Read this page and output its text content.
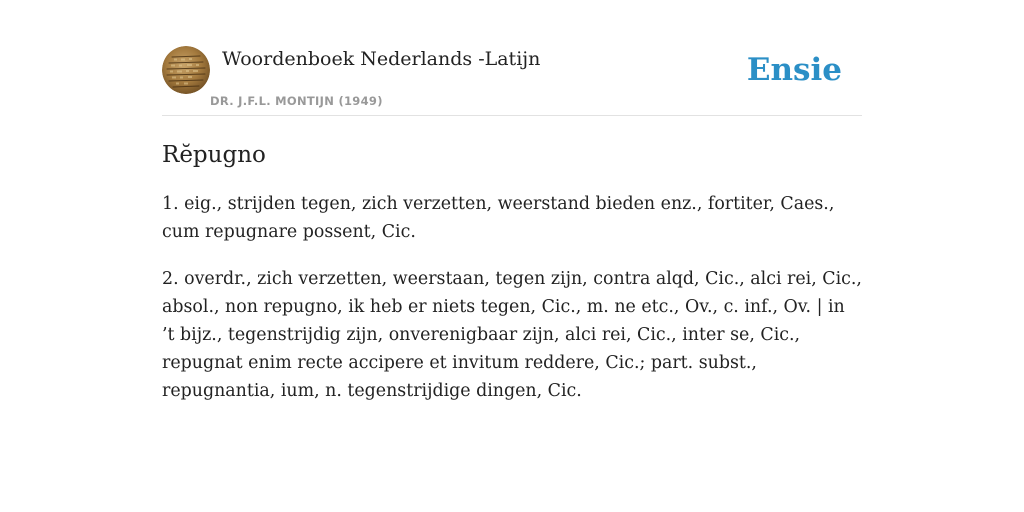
Woordenboek Nederlands -Latijn
DR. J.F.L. MONTIJN (1949)
Ensie
Rĕpugno

1. eig., strijden tegen, zich verzetten, weerstand bieden enz., fortiter, Caes., cum repugnare possent, Cic.

2. overdr., zich verzetten, weerstaan, tegen zijn, contra alqd, Cic., alci rei, Cic., absol., non repugno, ik heb er niets tegen, Cic., m. ne etc., Ov., c. inf., Ov. | in ’t bijz., tegenstrijdig zijn, onverenigbaar zijn, alci rei, Cic., inter se, Cic., repugnat enim recte accipere et invitum reddere, Cic.; part. subst., repugnantia, ium, n. tegenstrijdige dingen, Cic.
